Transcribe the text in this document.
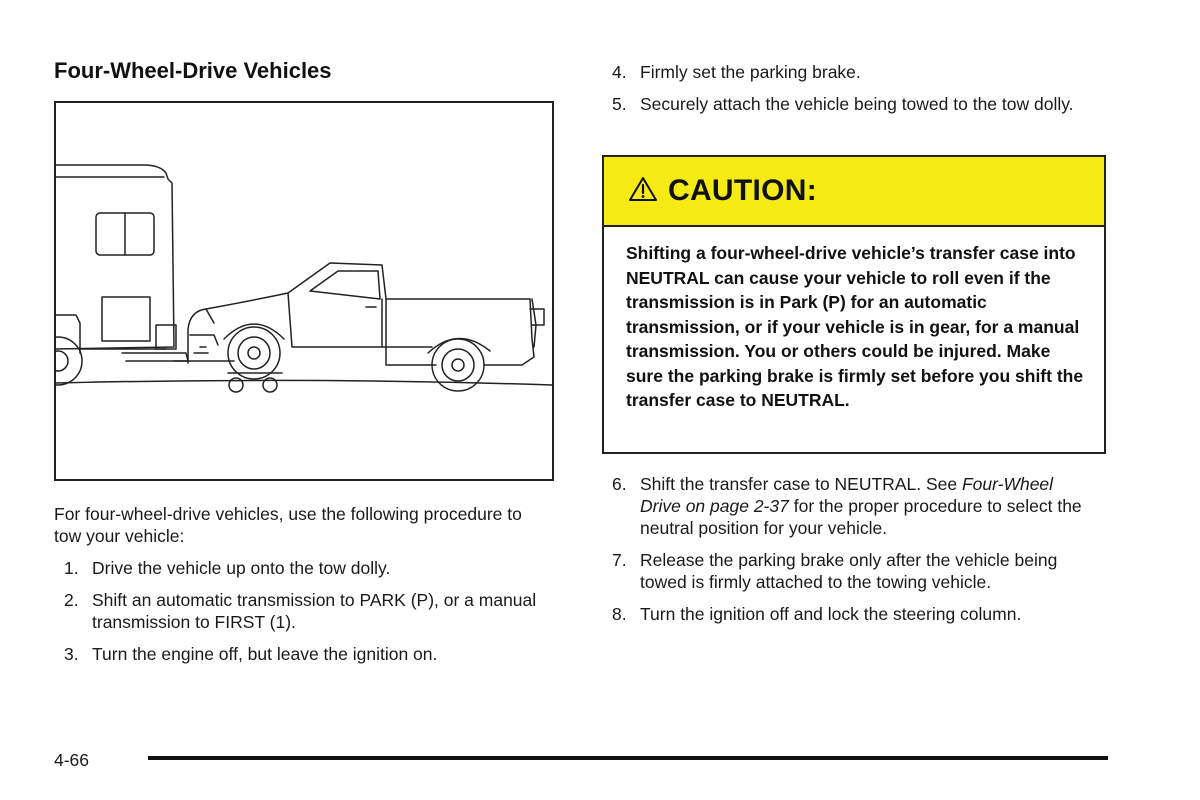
Four-Wheel-Drive Vehicles

For four-wheel-drive vehicles, use the following procedure to tow your vehicle:

1. Drive the vehicle up onto the tow dolly.
2. Shift an automatic transmission to PARK (P), or a manual transmission to FIRST (1).
3. Turn the engine off, but leave the ignition on.
4. Firmly set the parking brake.
5. Securely attach the vehicle being towed to the tow dolly.
CAUTION:
Shifting a four-wheel-drive vehicle’s transfer case into NEUTRAL can cause your vehicle to roll even if the transmission is in Park (P) for an automatic transmission, or if your vehicle is in gear, for a manual transmission. You or others could be injured. Make sure the parking brake is firmly set before you shift the transfer case to NEUTRAL.
6. Shift the transfer case to NEUTRAL. See Four-Wheel Drive on page 2-37 for the proper procedure to select the neutral position for your vehicle.
7. Release the parking brake only after the vehicle being towed is firmly attached to the towing vehicle.
8. Turn the ignition off and lock the steering column.
4-66
